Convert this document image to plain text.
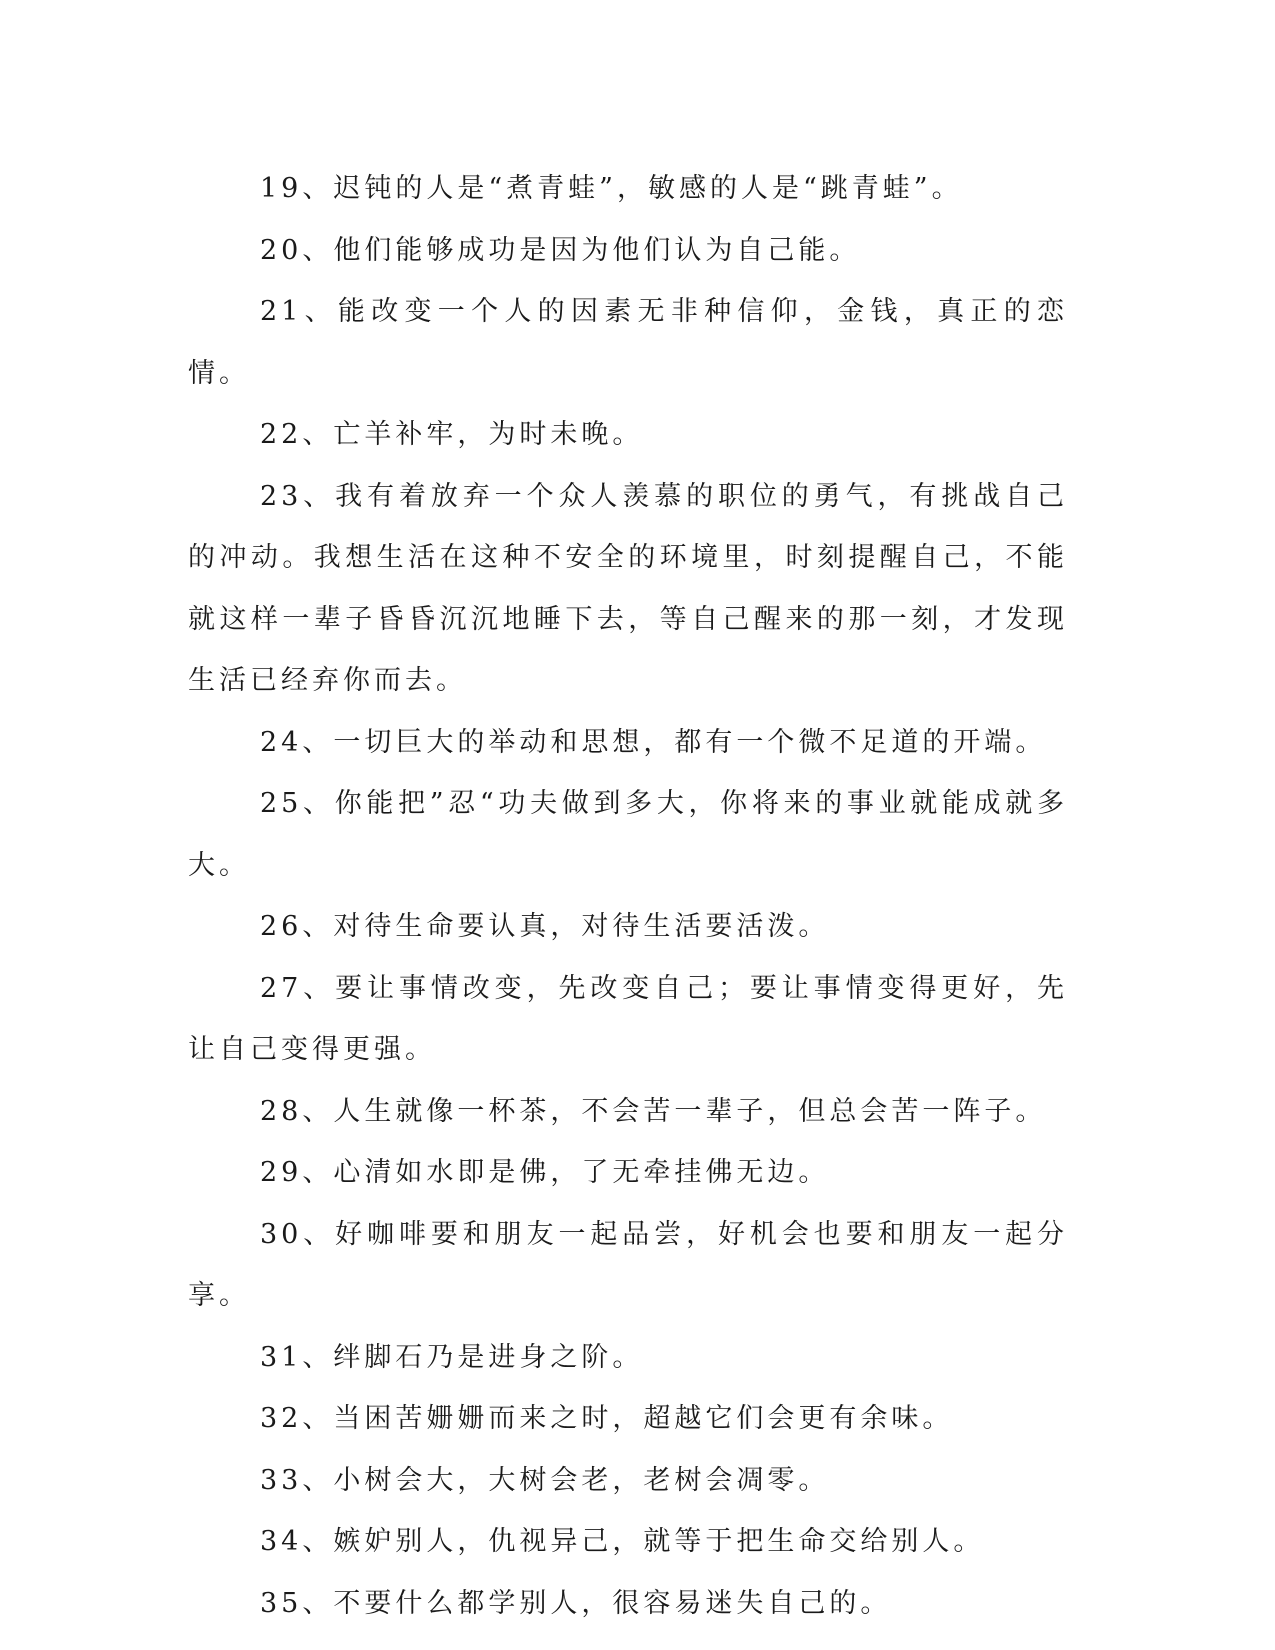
19、迟钝的人是“煮青蛙”，敏感的人是“跳青蛙”。

20、他们能够成功是因为他们认为自己能。

21、能改变一个人的因素无非种信仰，金钱，真正的恋情。

22、亡羊补牢，为时未晚。

23、我有着放弃一个众人羡慕的职位的勇气，有挑战自己的冲动。我想生活在这种不安全的环境里，时刻提醒自己，不能就这样一辈子昏昏沉沉地睡下去，等自己醒来的那一刻，才发现生活已经弃你而去。

24、一切巨大的举动和思想，都有一个微不足道的开端。

25、你能把”忍“功夫做到多大，你将来的事业就能成就多大。

26、对待生命要认真，对待生活要活泼。

27、要让事情改变，先改变自己；要让事情变得更好，先让自己变得更强。

28、人生就像一杯茶，不会苦一辈子，但总会苦一阵子。

29、心清如水即是佛，了无牵挂佛无边。

30、好咖啡要和朋友一起品尝，好机会也要和朋友一起分享。

31、绊脚石乃是进身之阶。

32、当困苦姗姗而来之时，超越它们会更有余味。

33、小树会大，大树会老，老树会凋零。

34、嫉妒别人，仇视异己，就等于把生命交给别人。

35、不要什么都学别人，很容易迷失自己的。
